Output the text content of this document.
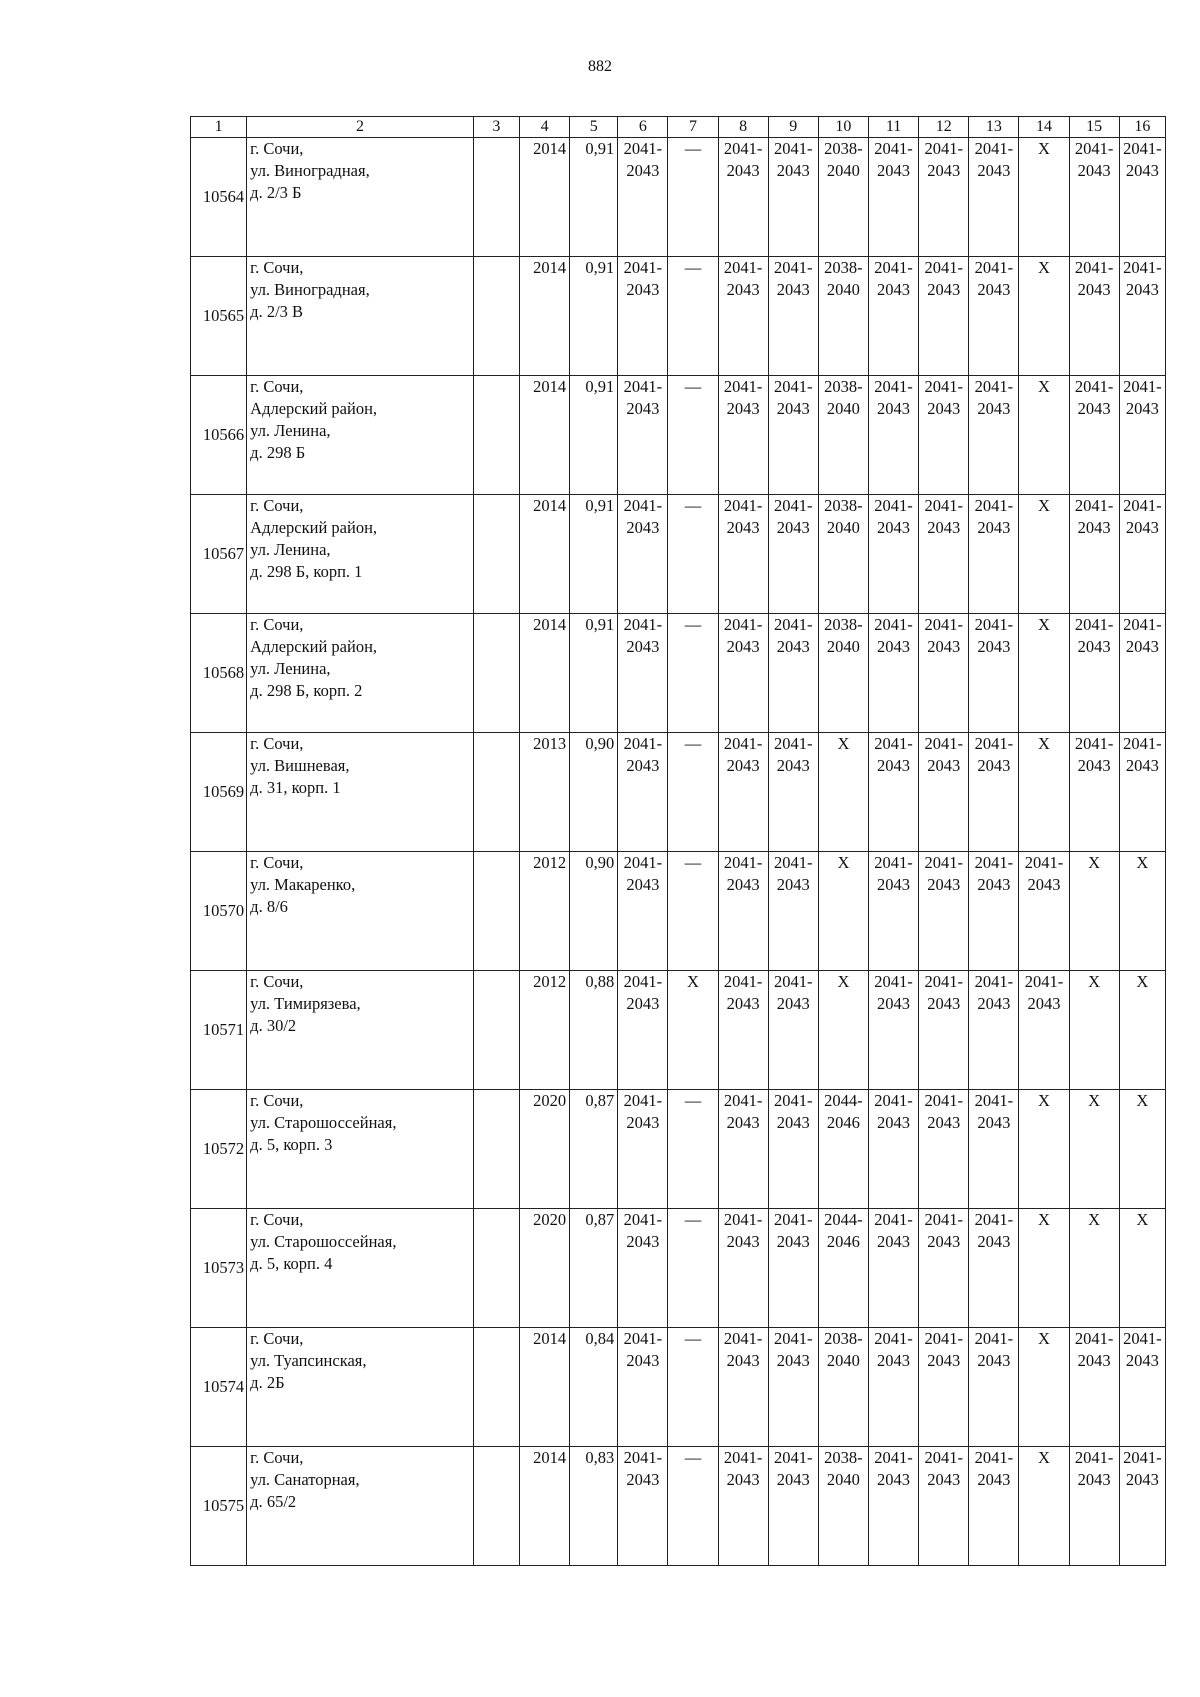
882
1	2	3	4	5	6	7	8	9	10	11	12	13	14	15	16
10564	г. Сочи,
ул. Виноградная,
д. 2/3 Б		2014	0,91	2041-
2043	—	2041-
2043	2041-
2043	2038-
2040	2041-
2043	2041-
2043	2041-
2043	Х	2041-
2043	2041-
2043

10565	г. Сочи,
ул. Виноградная,
д. 2/3 В		2014	0,91	2041-
2043	—	2041-
2043	2041-
2043	2038-
2040	2041-
2043	2041-
2043	2041-
2043	Х	2041-
2043	2041-
2043

10566	г. Сочи,
Адлерский район,
ул. Ленина,
д. 298 Б		2014	0,91	2041-
2043	—	2041-
2043	2041-
2043	2038-
2040	2041-
2043	2041-
2043	2041-
2043	Х	2041-
2043	2041-
2043

10567	г. Сочи,
Адлерский район,
ул. Ленина,
д. 298 Б, корп. 1		2014	0,91	2041-
2043	—	2041-
2043	2041-
2043	2038-
2040	2041-
2043	2041-
2043	2041-
2043	Х	2041-
2043	2041-
2043

10568	г. Сочи,
Адлерский район,
ул. Ленина,
д. 298 Б, корп. 2		2014	0,91	2041-
2043	—	2041-
2043	2041-
2043	2038-
2040	2041-
2043	2041-
2043	2041-
2043	Х	2041-
2043	2041-
2043

10569	г. Сочи,
ул. Вишневая,
д. 31, корп. 1		2013	0,90	2041-
2043	—	2041-
2043	2041-
2043	Х	2041-
2043	2041-
2043	2041-
2043	Х	2041-
2043	2041-
2043

10570	г. Сочи,
ул. Макаренко,
д. 8/6		2012	0,90	2041-
2043	—	2041-
2043	2041-
2043	Х	2041-
2043	2041-
2043	2041-
2043	2041-
2043	Х	Х
10571	г. Сочи,
ул. Тимирязева,
д. 30/2		2012	0,88	2041-
2043	Х	2041-
2043	2041-
2043	Х	2041-
2043	2041-
2043	2041-
2043	2041-
2043	Х	Х
10572	г. Сочи,
ул. Старошоссейная,
д. 5, корп. 3		2020	0,87	2041-
2043	—	2041-
2043	2041-
2043	2044-
2046	2041-
2043	2041-
2043	2041-
2043	Х	Х	Х
10573	г. Сочи,
ул. Старошоссейная,
д. 5, корп. 4		2020	0,87	2041-
2043	—	2041-
2043	2041-
2043	2044-
2046	2041-
2043	2041-
2043	2041-
2043	Х	Х	Х
10574	г. Сочи,
ул. Туапсинская,
д. 2Б		2014	0,84	2041-
2043	—	2041-
2043	2041-
2043	2038-
2040	2041-
2043	2041-
2043	2041-
2043	Х	2041-
2043	2041-
2043

10575	г. Сочи,
ул. Санаторная,
д. 65/2		2014	0,83	2041-
2043	—	2041-
2043	2041-
2043	2038-
2040	2041-
2043	2041-
2043	2041-
2043	Х	2041-
2043	2041-
2043
